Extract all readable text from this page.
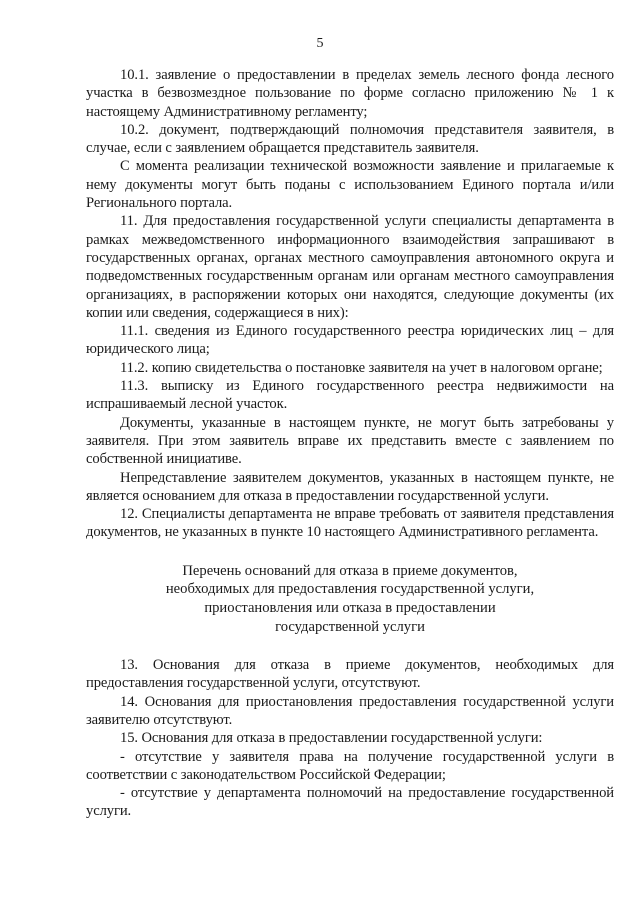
5

10.1. заявление о предоставлении в пределах земель лесного фонда лесного участка в безвозмездное пользование по форме согласно приложению № 1 к настоящему Административному регламенту;

10.2. документ, подтверждающий полномочия представителя заявителя, в случае, если с заявлением обращается представитель заявителя.

С момента реализации технической возможности заявление и прилагаемые к нему документы могут быть поданы с использованием Единого портала и/или Регионального портала.

11. Для предоставления государственной услуги специалисты департамента в рамках межведомственного информационного взаимодействия запрашивают в государственных органах, органах местного самоуправления автономного округа и подведомственных государственным органам или органам местного самоуправления организациях, в распоряжении которых они находятся, следующие документы (их копии или сведения, содержащиеся в них):

11.1. сведения из Единого государственного реестра юридических лиц – для юридического лица;

11.2. копию свидетельства о постановке заявителя на учет в налоговом органе;

11.3. выписку из Единого государственного реестра недвижимости на испрашиваемый лесной участок.

Документы, указанные в настоящем пункте, не могут быть затребованы у заявителя. При этом заявитель вправе их представить вместе с заявлением по собственной инициативе.

Непредставление заявителем документов, указанных в настоящем пункте, не является основанием для отказа в предоставлении государственной услуги.

12. Специалисты департамента не вправе требовать от заявителя представления документов, не указанных в пункте 10 настоящего Административного регламента.

Перечень оснований для отказа в приеме документов,
необходимых для предоставления государственной услуги,
приостановления или отказа в предоставлении
государственной услуги

13. Основания для отказа в приеме документов, необходимых для предоставления государственной услуги, отсутствуют.

14. Основания для приостановления предоставления государственной услуги заявителю отсутствуют.

15. Основания для отказа в предоставлении государственной услуги:

- отсутствие у заявителя права на получение государственной услуги в соответствии с законодательством Российской Федерации;

- отсутствие у департамента полномочий на предоставление государственной услуги.
